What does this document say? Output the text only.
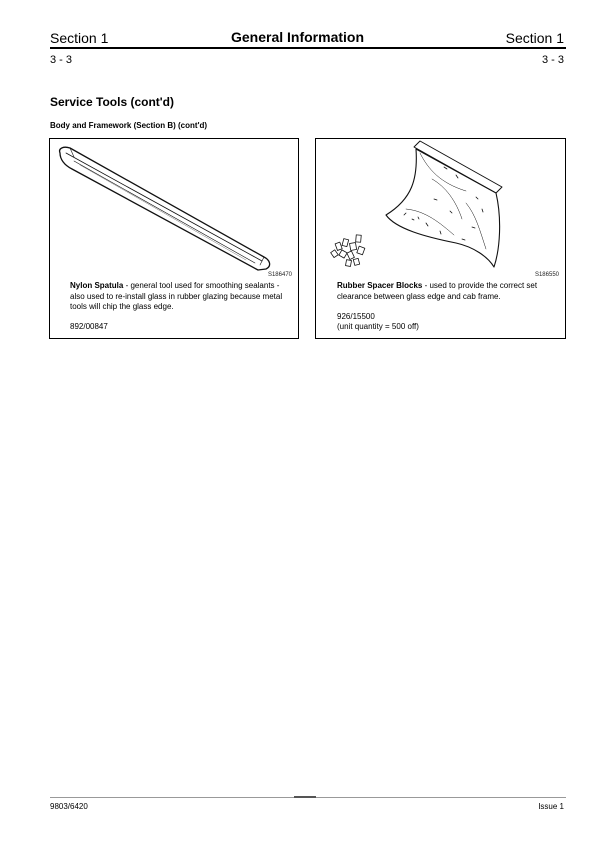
Section 1	General Information	Section 1
3 - 3	3 - 3
Service Tools (cont'd)
Body and Framework (Section B) (cont'd)
S186470
Nylon Spatula - general tool used for smoothing sealants - also used to re-install glass in rubber glazing because metal tools will chip the glass edge.
892/00847
S186550
Rubber Spacer Blocks - used to provide the correct set clearance between glass edge and cab frame.
926/15500
(unit quantity = 500 off)
9803/6420	Issue 1
